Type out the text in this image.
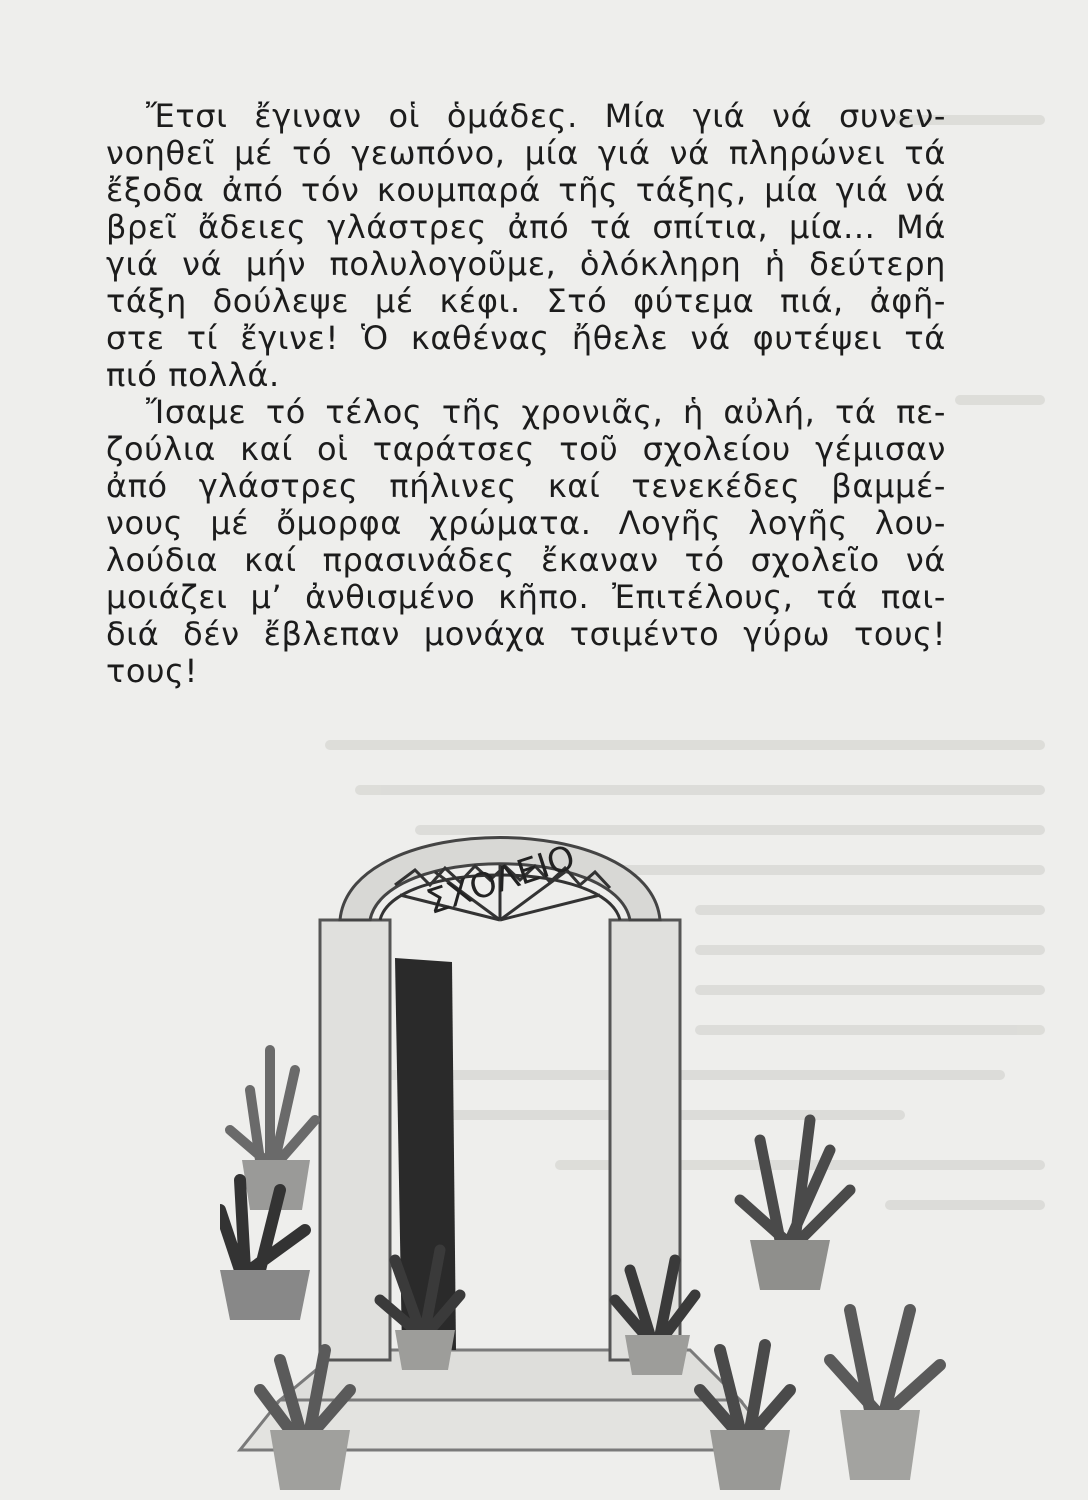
Ἔτσι ἔγιναν οἱ ὁμάδες. Μία γιά νά συνεν-
νοηθεῖ μέ τό γεωπόνο, μία γιά νά πληρώνει τά
ἔξοδα ἀπό τόν κουμπαρά τῆς τάξης, μία γιά νά
βρεῖ ἄδειες γλάστρες ἀπό τά σπίτια, μία... Μά
γιά νά μήν πολυλογοῦμε, ὁλόκληρη ἡ δεύτερη
τάξη δούλεψε μέ κέφι. Στό φύτεμα πιά, ἀφῆ-
στε τί ἔγινε! Ὁ καθένας ἤθελε νά φυτέψει τά
πιό πολλά.

Ἴσαμε τό τέλος τῆς χρονιᾶς, ἡ αὐλή, τά πε-
ζούλια καί οἱ ταράτσες τοῦ σχολείου γέμισαν
ἀπό γλάστρες πήλινες καί τενεκέδες βαμμέ-
νους μέ ὄμορφα χρώματα. Λογῆς λογῆς λου-
λούδια καί πρασινάδες ἔκαναν τό σχολεῖο νά
μοιάζει μ’ ἀνθισμένο κῆπο. Ἐπιτέλους, τά παι-
διά δέν ἔβλεπαν μονάχα τσιμέντο γύρω τους!
τους!

ΣΧΟΛΕΙΟ
